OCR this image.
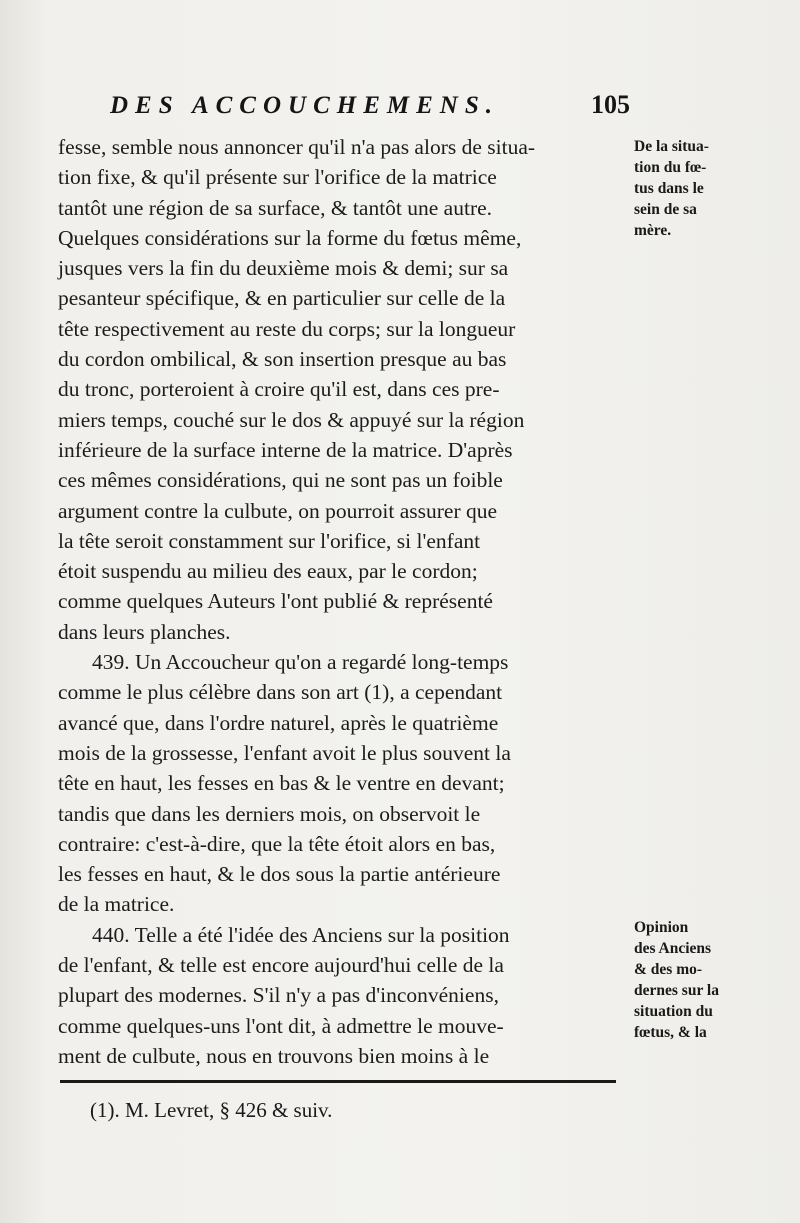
DES ACCOUCHEMENS.	105
fesse, semble nous annoncer qu'il n'a pas alors de situa-
tion fixe, & qu'il présente sur l'orifice de la matrice
tantôt une région de sa surface, & tantôt une autre.
Quelques considérations sur la forme du fœtus même,
jusques vers la fin du deuxième mois & demi; sur sa
pesanteur spécifique, & en particulier sur celle de la
tête respectivement au reste du corps; sur la longueur
du cordon ombilical, & son insertion presque au bas
du tronc, porteroient à croire qu'il est, dans ces pre-
miers temps, couché sur le dos & appuyé sur la région
inférieure de la surface interne de la matrice. D'après
ces mêmes considérations, qui ne sont pas un foible
argument contre la culbute, on pourroit assurer que
la tête seroit constamment sur l'orifice, si l'enfant
étoit suspendu au milieu des eaux, par le cordon;
comme quelques Auteurs l'ont publié & représenté
dans leurs planches.
439. Un Accoucheur qu'on a regardé long-temps
comme le plus célèbre dans son art (1), a cependant
avancé que, dans l'ordre naturel, après le quatrième
mois de la grossesse, l'enfant avoit le plus souvent la
tête en haut, les fesses en bas & le ventre en devant;
tandis que dans les derniers mois, on observoit le
contraire: c'est-à-dire, que la tête étoit alors en bas,
les fesses en haut, & le dos sous la partie antérieure
de la matrice.
440. Telle a été l'idée des Anciens sur la position
de l'enfant, & telle est encore aujourd'hui celle de la
plupart des modernes. S'il n'y a pas d'inconvéniens,
comme quelques-uns l'ont dit, à admettre le mouve-
ment de culbute, nous en trouvons bien moins à le
De la situa-
tion du fœ-
tus dans le
sein de sa
mère.
Opinion
des Anciens
& des mo-
dernes sur la
situation du
fœtus, & la
(1). M. Levret, § 426 & suiv.
